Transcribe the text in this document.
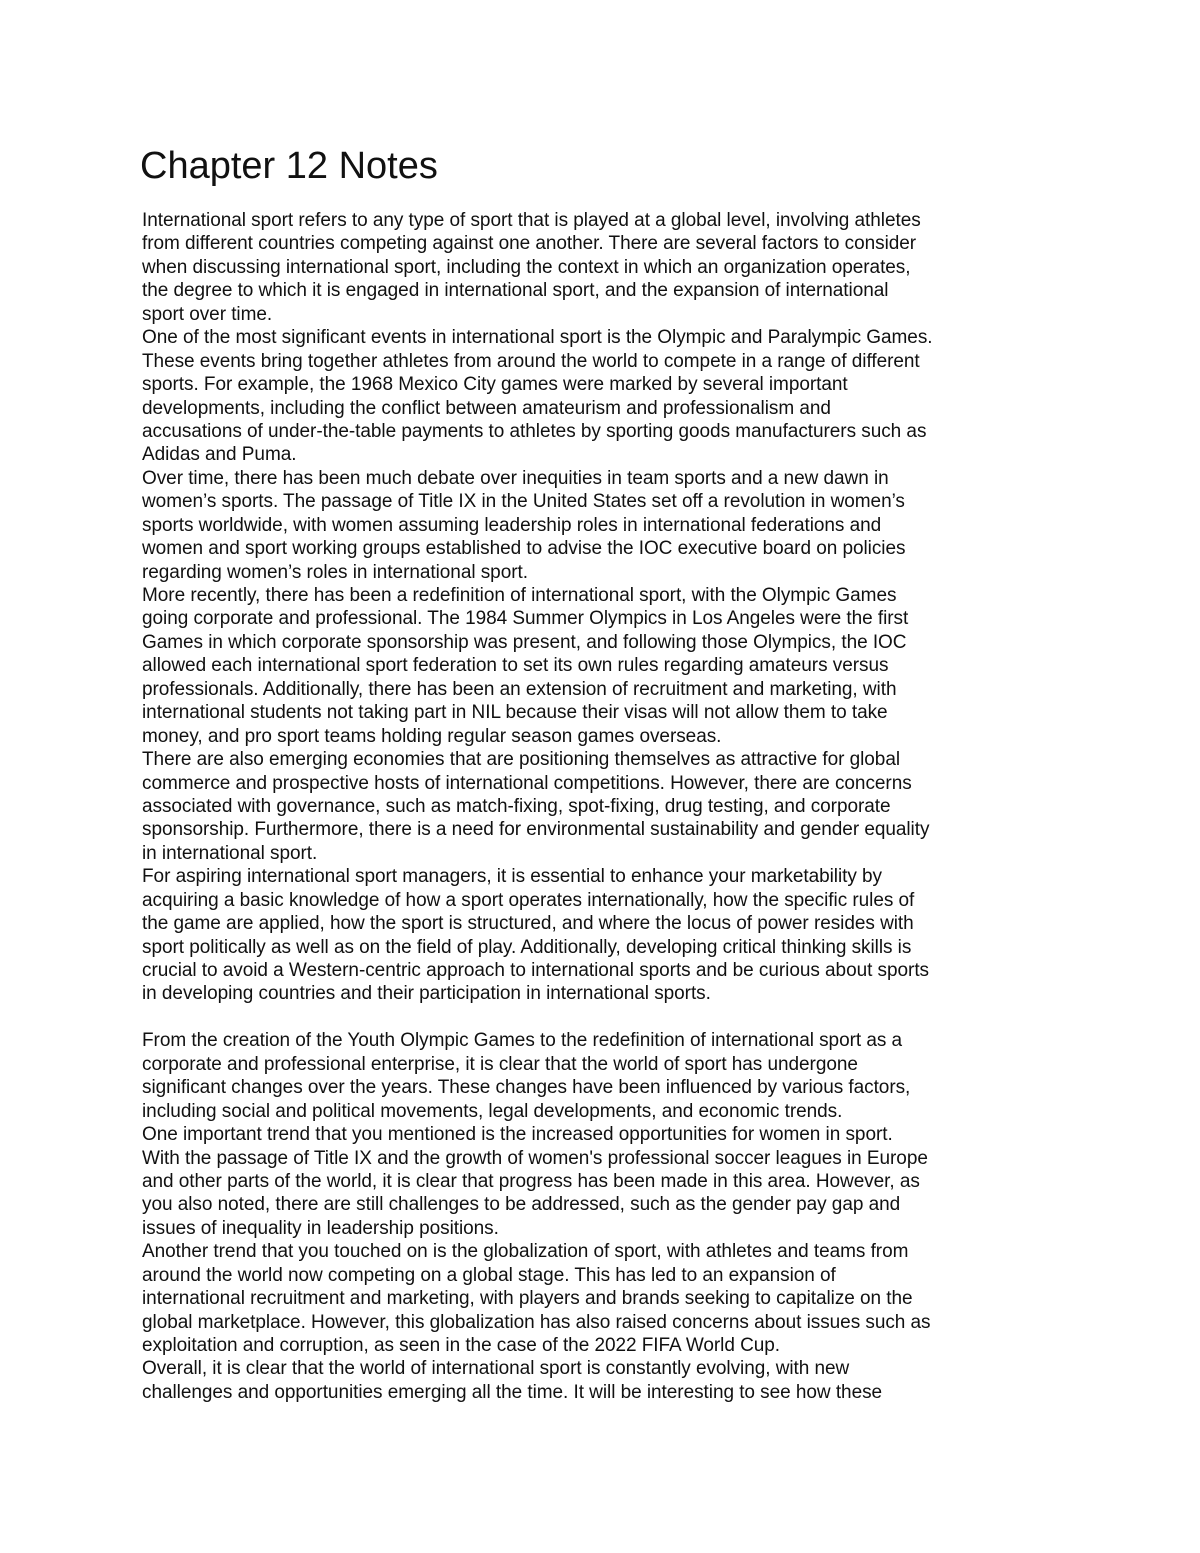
Chapter 12 Notes
International sport refers to any type of sport that is played at a global level, involving athletes
from different countries competing against one another. There are several factors to consider
when discussing international sport, including the context in which an organization operates,
the degree to which it is engaged in international sport, and the expansion of international
sport over time.
One of the most significant events in international sport is the Olympic and Paralympic Games.
These events bring together athletes from around the world to compete in a range of different
sports. For example, the 1968 Mexico City games were marked by several important
developments, including the conflict between amateurism and professionalism and
accusations of under-the-table payments to athletes by sporting goods manufacturers such as
Adidas and Puma.
Over time, there has been much debate over inequities in team sports and a new dawn in
women’s sports. The passage of Title IX in the United States set off a revolution in women’s
sports worldwide, with women assuming leadership roles in international federations and
women and sport working groups established to advise the IOC executive board on policies
regarding women’s roles in international sport.
More recently, there has been a redefinition of international sport, with the Olympic Games
going corporate and professional. The 1984 Summer Olympics in Los Angeles were the first
Games in which corporate sponsorship was present, and following those Olympics, the IOC
allowed each international sport federation to set its own rules regarding amateurs versus
professionals. Additionally, there has been an extension of recruitment and marketing, with
international students not taking part in NIL because their visas will not allow them to take
money, and pro sport teams holding regular season games overseas.
There are also emerging economies that are positioning themselves as attractive for global
commerce and prospective hosts of international competitions. However, there are concerns
associated with governance, such as match-fixing, spot-fixing, drug testing, and corporate
sponsorship. Furthermore, there is a need for environmental sustainability and gender equality
in international sport.
For aspiring international sport managers, it is essential to enhance your marketability by
acquiring a basic knowledge of how a sport operates internationally, how the specific rules of
the game are applied, how the sport is structured, and where the locus of power resides with
sport politically as well as on the field of play. Additionally, developing critical thinking skills is
crucial to avoid a Western-centric approach to international sports and be curious about sports
in developing countries and their participation in international sports.
From the creation of the Youth Olympic Games to the redefinition of international sport as a
corporate and professional enterprise, it is clear that the world of sport has undergone
significant changes over the years. These changes have been influenced by various factors,
including social and political movements, legal developments, and economic trends.
One important trend that you mentioned is the increased opportunities for women in sport.
With the passage of Title IX and the growth of women's professional soccer leagues in Europe
and other parts of the world, it is clear that progress has been made in this area. However, as
you also noted, there are still challenges to be addressed, such as the gender pay gap and
issues of inequality in leadership positions.
Another trend that you touched on is the globalization of sport, with athletes and teams from
around the world now competing on a global stage. This has led to an expansion of
international recruitment and marketing, with players and brands seeking to capitalize on the
global marketplace. However, this globalization has also raised concerns about issues such as
exploitation and corruption, as seen in the case of the 2022 FIFA World Cup.
Overall, it is clear that the world of international sport is constantly evolving, with new
challenges and opportunities emerging all the time. It will be interesting to see how these
